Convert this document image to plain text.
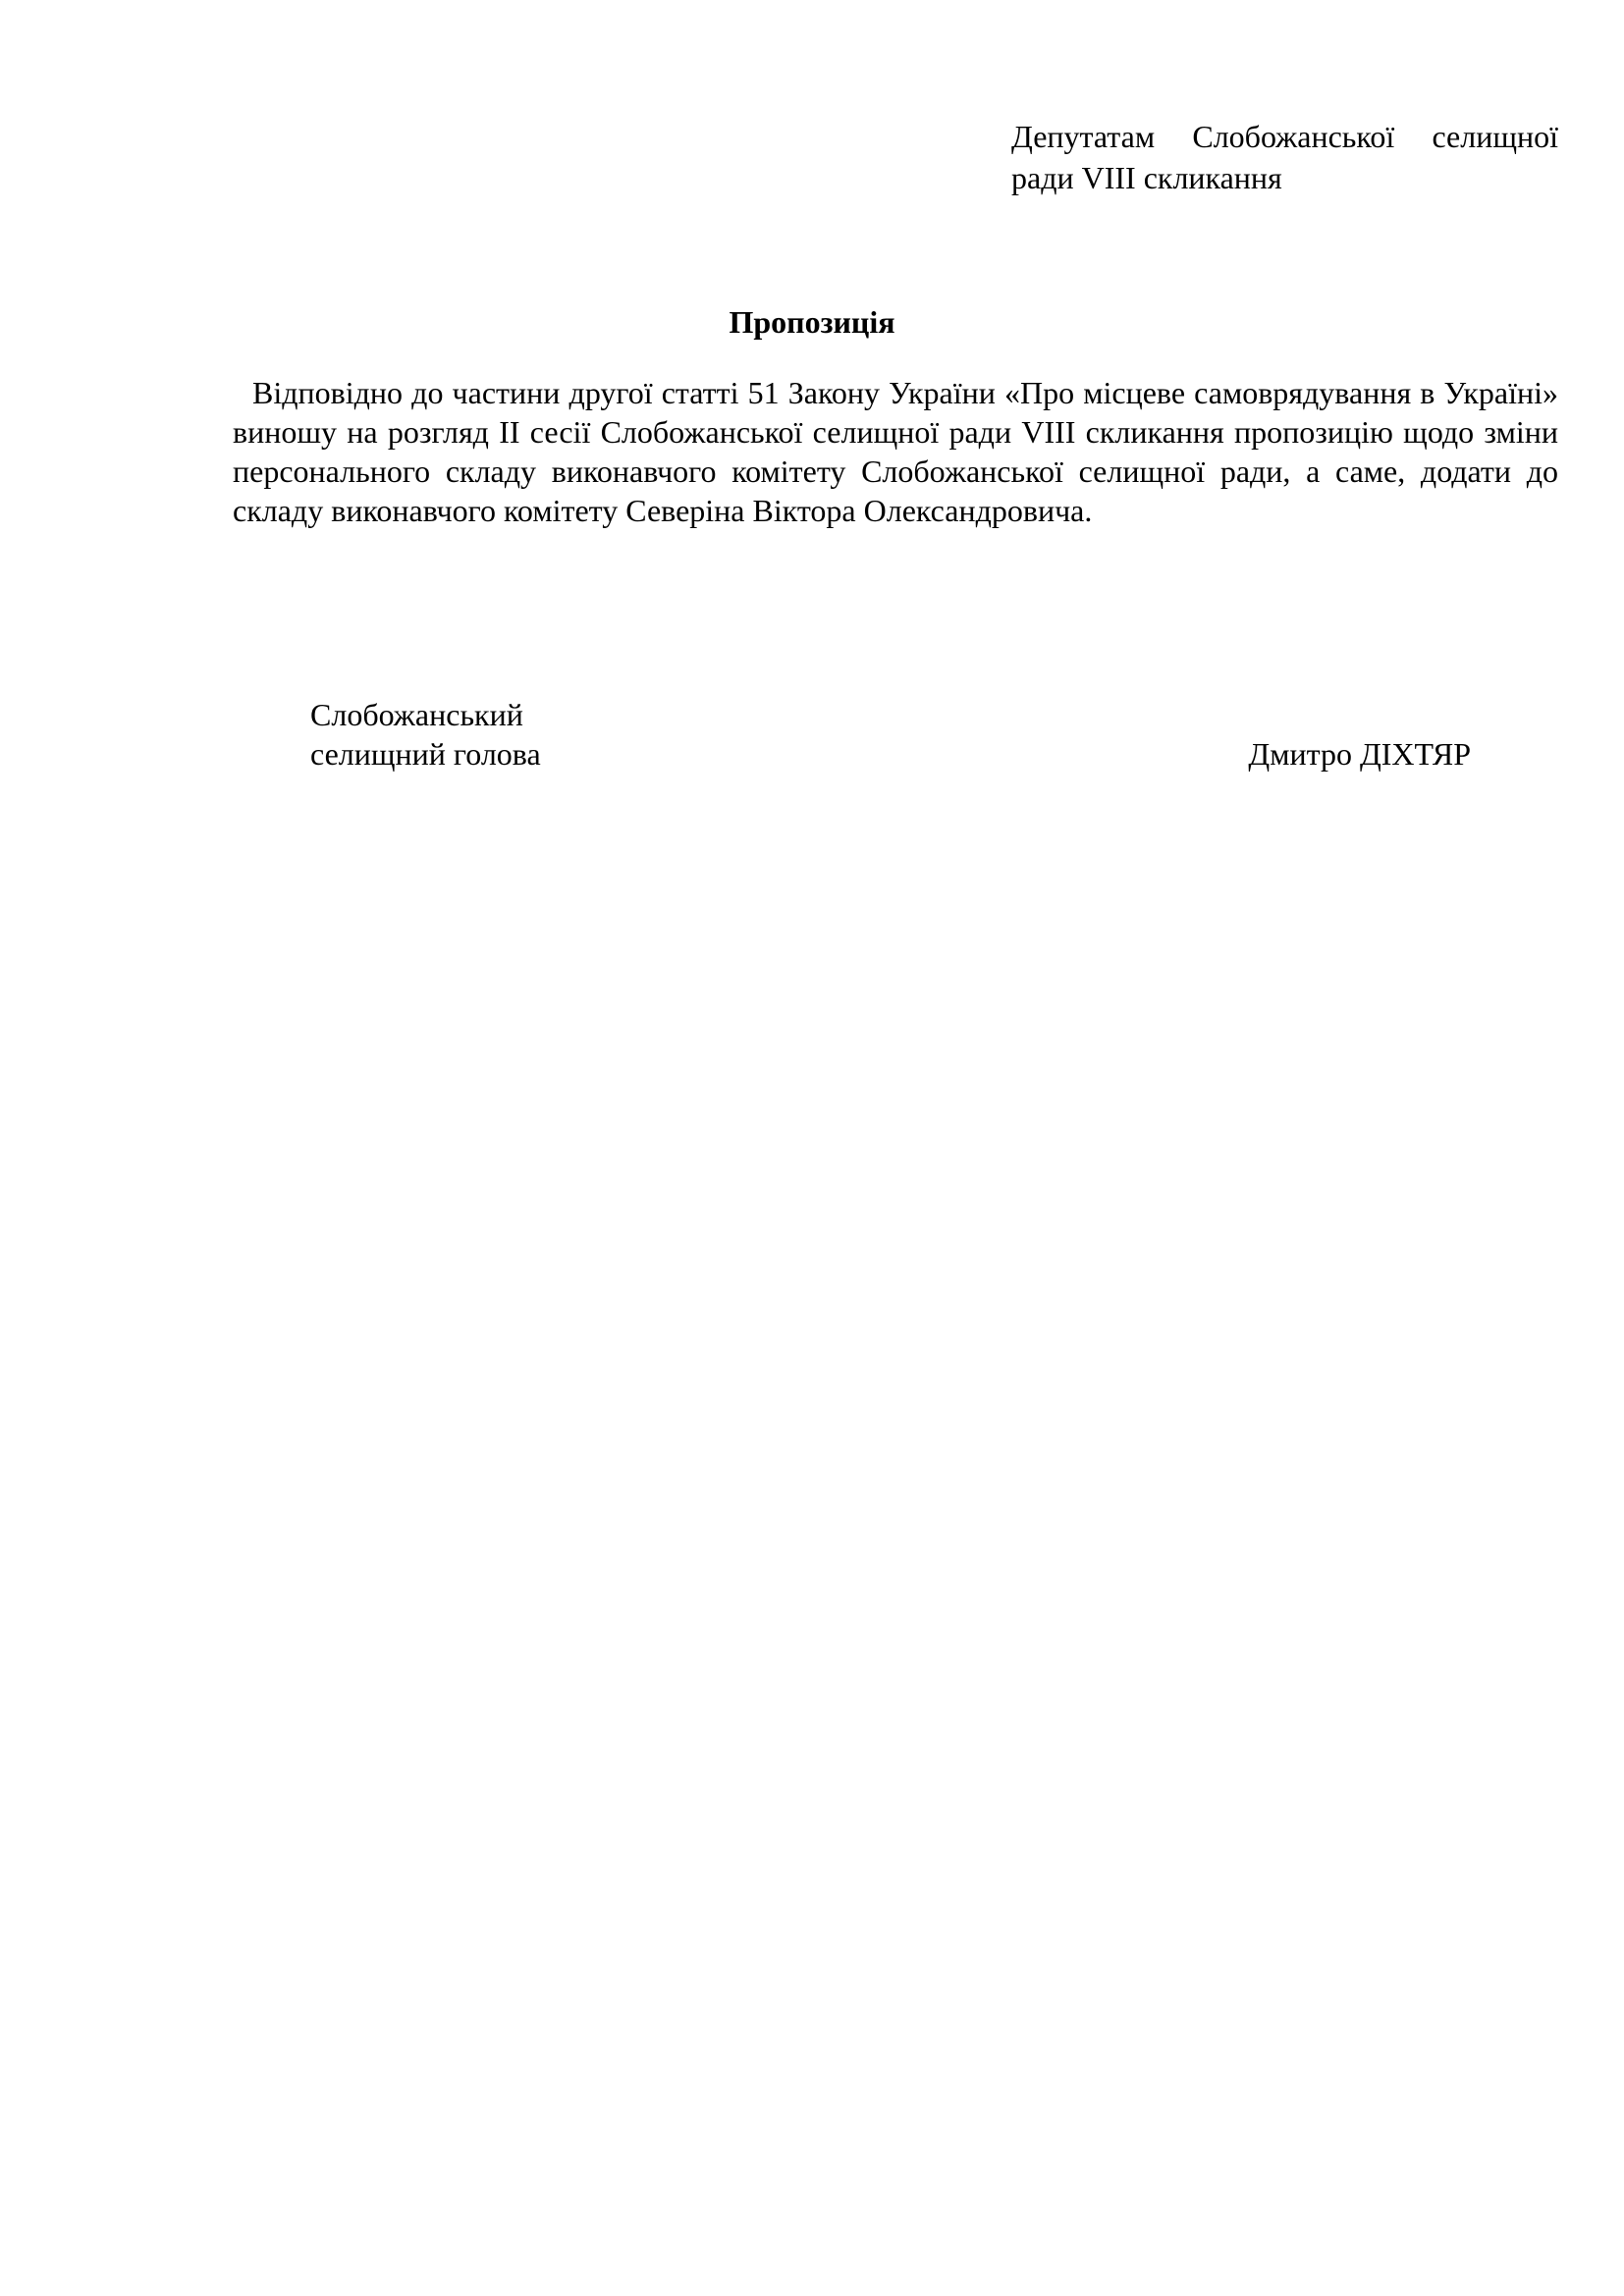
Депутатам Слобожанської селищної
ради VIII скликання
Пропозиція

Відповідно до частини другої статті 51 Закону України «Про місцеве самоврядування в Україні» виношу на розгляд ІІ сесії Слобожанської селищної ради VIII скликання пропозицію щодо зміни персонального складу виконавчого комітету Слобожанської селищної ради, а саме, додати до складу виконавчого комітету Северіна Віктора Олександровича.

Слобожанський
селищний голова	Дмитро ДІХТЯР
